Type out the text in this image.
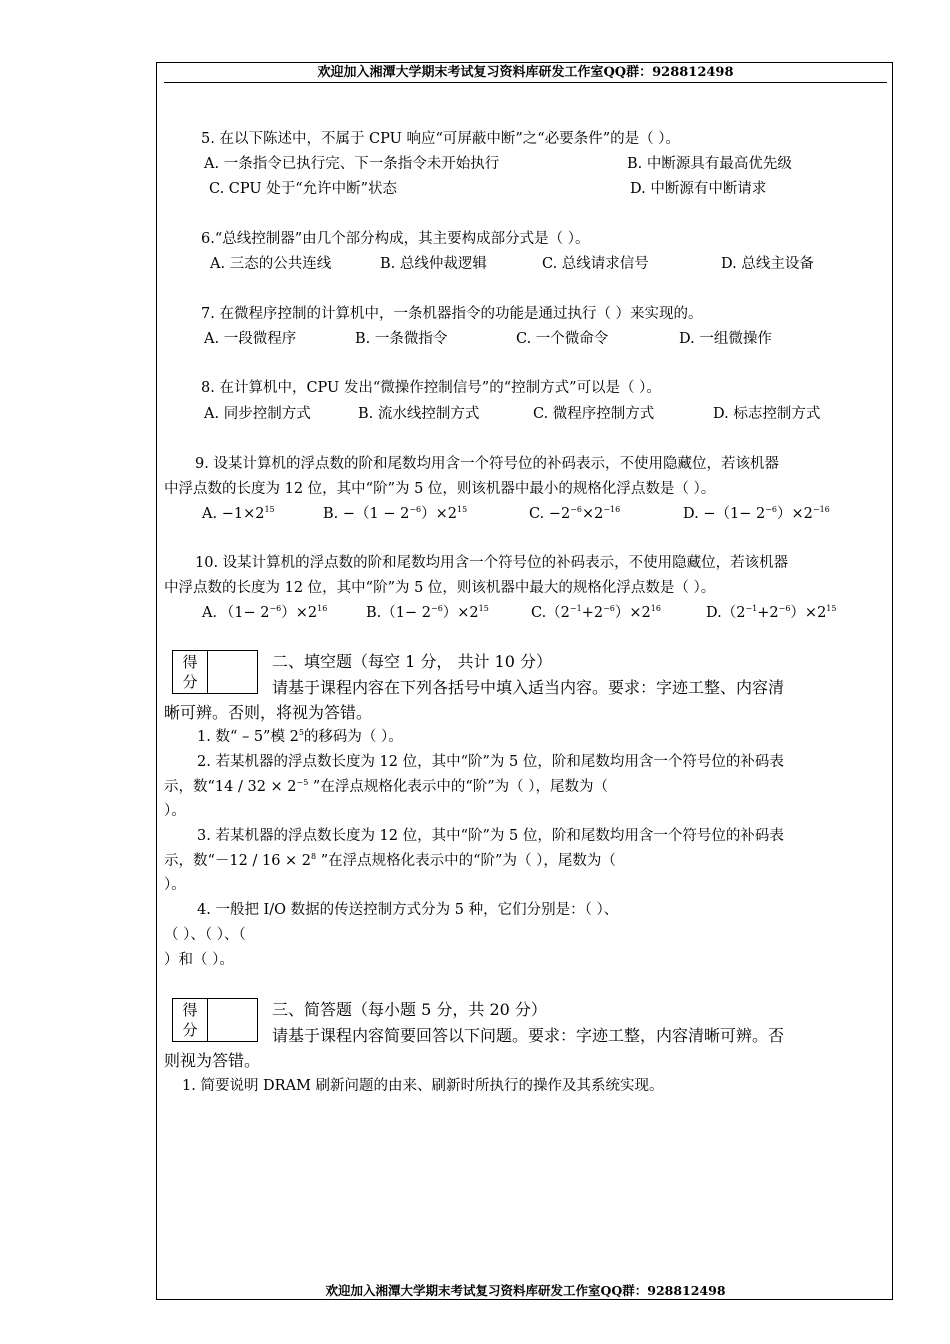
欢迎加入湘潭大学期末考试复习资料库研发工作室QQ群：928812498
5. 在以下陈述中，不属于 CPU 响应“可屏蔽中断”之“必要条件”的是（ ）。
A. 一条指令已执行完、下一条指令未开始执行	B. 中断源具有最高优先级
C. CPU 处于“允许中断”状态	D. 中断源有中断请求
6.“总线控制器”由几个部分构成，其主要构成部分式是（ ）。
A. 三态的公共连线	B. 总线仲裁逻辑	C. 总线请求信号	D. 总线主设备
7. 在微程序控制的计算机中，一条机器指令的功能是通过执行（ ）来实现的。
A. 一段微程序	B. 一条微指令	C. 一个微命令	D. 一组微操作
8. 在计算机中，CPU 发出“微操作控制信号”的“控制方式”可以是（ ）。
A. 同步控制方式	B. 流水线控制方式	C. 微程序控制方式	D. 标志控制方式
9. 设某计算机的浮点数的阶和尾数均用含一个符号位的补码表示，不使用隐藏位，若该机器
中浮点数的长度为 12 位，其中“阶”为 5 位，则该机器中最小的规格化浮点数是（ ）。
A. $-1\times 2^{15}$	B. $-(1 - 2^{-6})\times 2^{15}$	C. $-2^{-6}\times 2^{-16}$	D. $-(1- 2^{-6})\times 2^{-16}$
10. 设某计算机的浮点数的阶和尾数均用含一个符号位的补码表示，不使用隐藏位，若该机器
中浮点数的长度为 12 位，其中“阶”为 5 位，则该机器中最大的规格化浮点数是（ ）。
A．$(1- 2^{-6})\times 2^{16}$	$B.(1- 2^{-6})\times 2^{15}$	$C.(2^{-1}+2^{-6})\times 2^{16}$	$D.(2^{-1}+2^{-6})\times 2^{15}$
得
分
二、填空题（每空 1 分， 共计 10 分）
请基于课程内容在下列各括号中填入适当内容。要求：字迹工整、内容清
晰可辨。否则，将视为答错。
1. 数“ – 5”模 $2^5$的移码为（ ）。
2. 若某机器的浮点数长度为 12 位，其中“阶”为 5 位，阶和尾数均用含一个符号位的补码表
示，数“$14 / 32 \times 2^{-5}$ ”在浮点规格化表示中的“阶”为（ ），尾数为（
）。
3. 若某机器的浮点数长度为 12 位，其中“阶”为 5 位，阶和尾数均用含一个符号位的补码表
示，数“$-12 / 16 \times 2^8$ ”在浮点规格化表示中的“阶”为（ ），尾数为（
）。
4. 一般把 I/O 数据的传送控制方式分为 5 种，它们分别是：（ ）、
（ ）、（ ）、（
）和（ ）。
得
分
三、简答题（每小题 5 分，共 20 分）
请基于课程内容简要回答以下问题。要求：字迹工整，内容清晰可辨。否
则视为答错。
1. 简要说明 DRAM 刷新问题的由来、刷新时所执行的操作及其系统实现。
欢迎加入湘潭大学期末考试复习资料库研发工作室QQ群：928812498
